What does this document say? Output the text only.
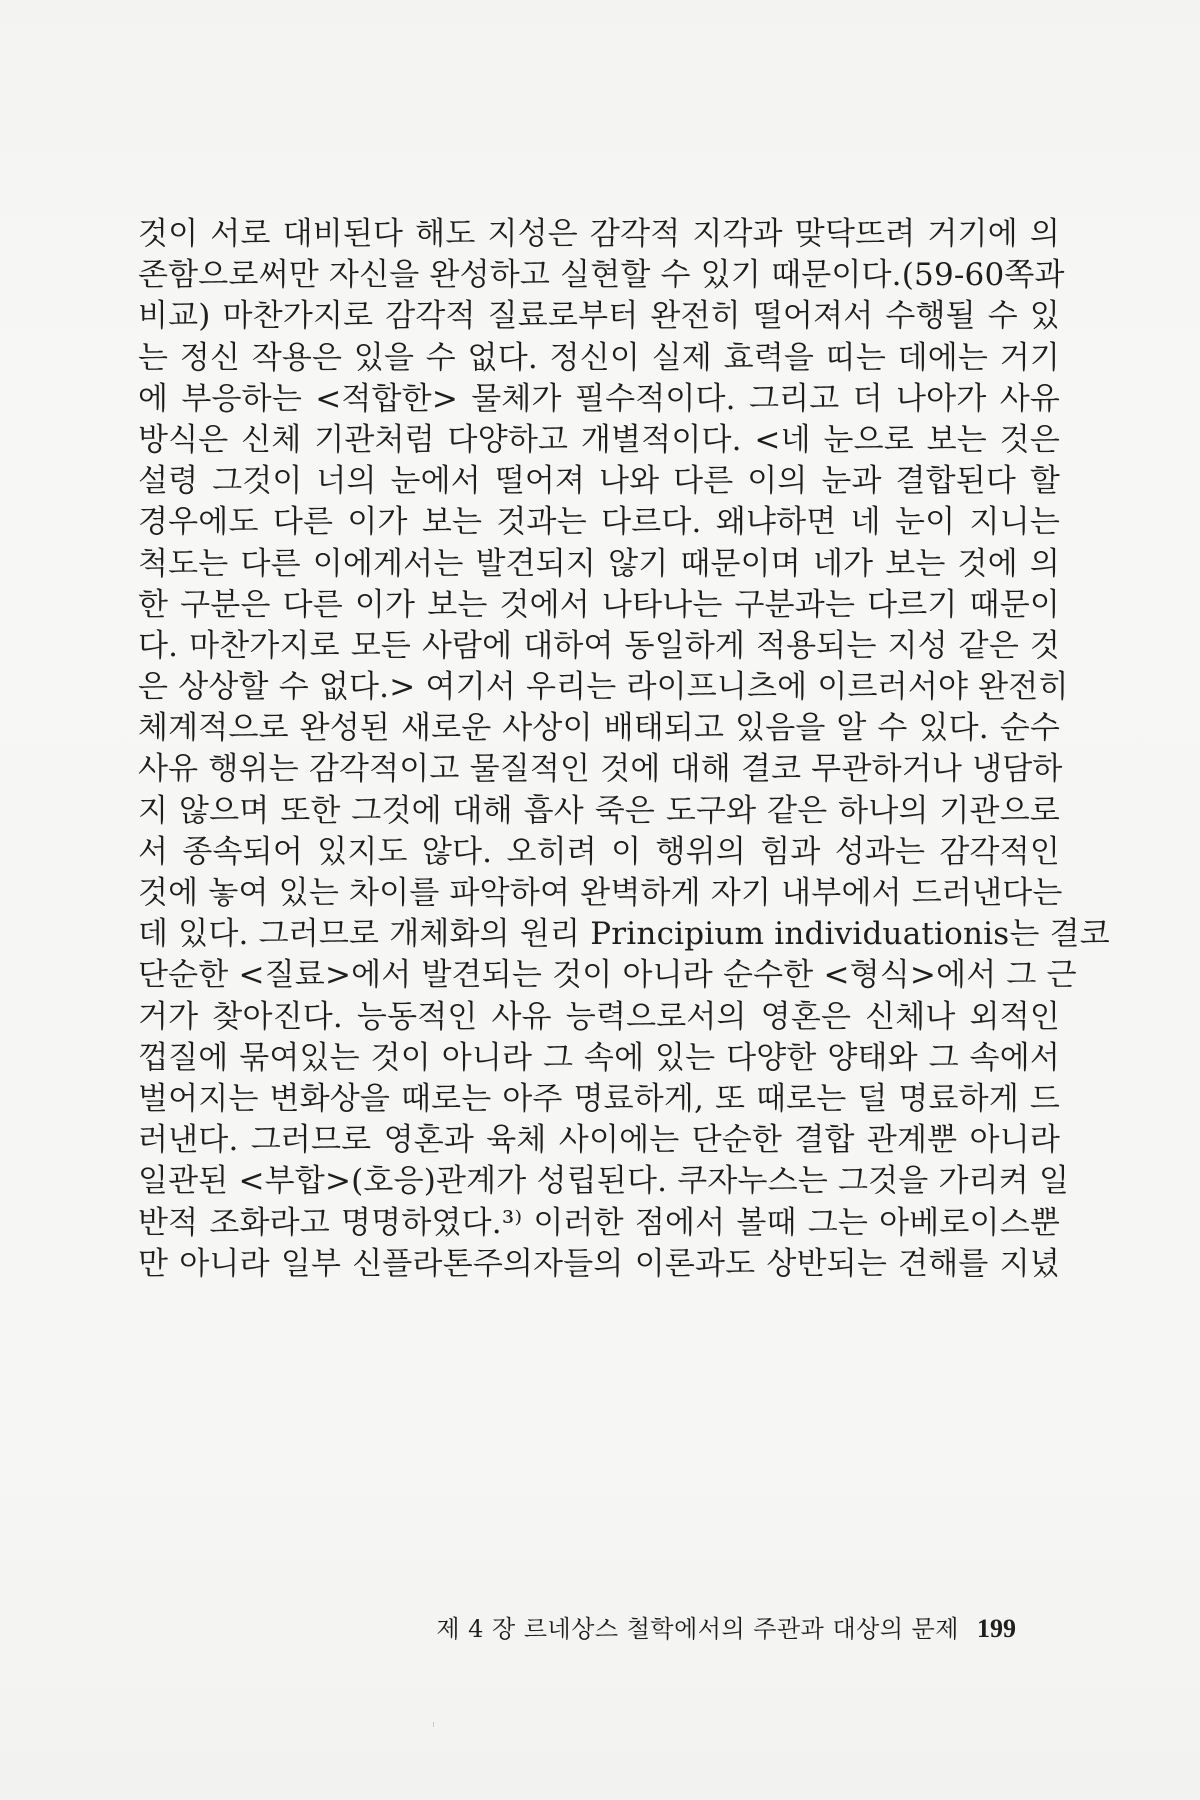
것이 서로 대비된다 해도 지성은 감각적 지각과 맞닥뜨려 거기에 의
존함으로써만 자신을 완성하고 실현할 수 있기 때문이다.(59-60쪽과
비교) 마찬가지로 감각적 질료로부터 완전히 떨어져서 수행될 수 있
는 정신 작용은 있을 수 없다. 정신이 실제 효력을 띠는 데에는 거기
에 부응하는 <적합한> 물체가 필수적이다. 그리고 더 나아가 사유
방식은 신체 기관처럼 다양하고 개별적이다. <네 눈으로 보는 것은
설령 그것이 너의 눈에서 떨어져 나와 다른 이의 눈과 결합된다 할
경우에도 다른 이가 보는 것과는 다르다. 왜냐하면 네 눈이 지니는
척도는 다른 이에게서는 발견되지 않기 때문이며 네가 보는 것에 의
한 구분은 다른 이가 보는 것에서 나타나는 구분과는 다르기 때문이
다. 마찬가지로 모든 사람에 대하여 동일하게 적용되는 지성 같은 것
은 상상할 수 없다.> 여기서 우리는 라이프니츠에 이르러서야 완전히
체계적으로 완성된 새로운 사상이 배태되고 있음을 알 수 있다. 순수
사유 행위는 감각적이고 물질적인 것에 대해 결코 무관하거나 냉담하
지 않으며 또한 그것에 대해 흡사 죽은 도구와 같은 하나의 기관으로
서 종속되어 있지도 않다. 오히려 이 행위의 힘과 성과는 감각적인
것에 놓여 있는 차이를 파악하여 완벽하게 자기 내부에서 드러낸다는
데 있다. 그러므로 개체화의 원리 Principium individuationis는 결코
단순한 <질료>에서 발견되는 것이 아니라 순수한 <형식>에서 그 근
거가 찾아진다. 능동적인 사유 능력으로서의 영혼은 신체나 외적인
껍질에 묶여있는 것이 아니라 그 속에 있는 다양한 양태와 그 속에서
벌어지는 변화상을 때로는 아주 명료하게, 또 때로는 덜 명료하게 드
러낸다. 그러므로 영혼과 육체 사이에는 단순한 결합 관계뿐 아니라
일관된 <부합>(호응)관계가 성립된다. 쿠자누스는 그것을 가리켜 일
반적 조화라고 명명하였다.³⁾ 이러한 점에서 볼때 그는 아베로이스뿐
만 아니라 일부 신플라톤주의자들의 이론과도 상반되는 견해를 지녔
제 4 장 르네상스 철학에서의 주관과 대상의 문제 199
